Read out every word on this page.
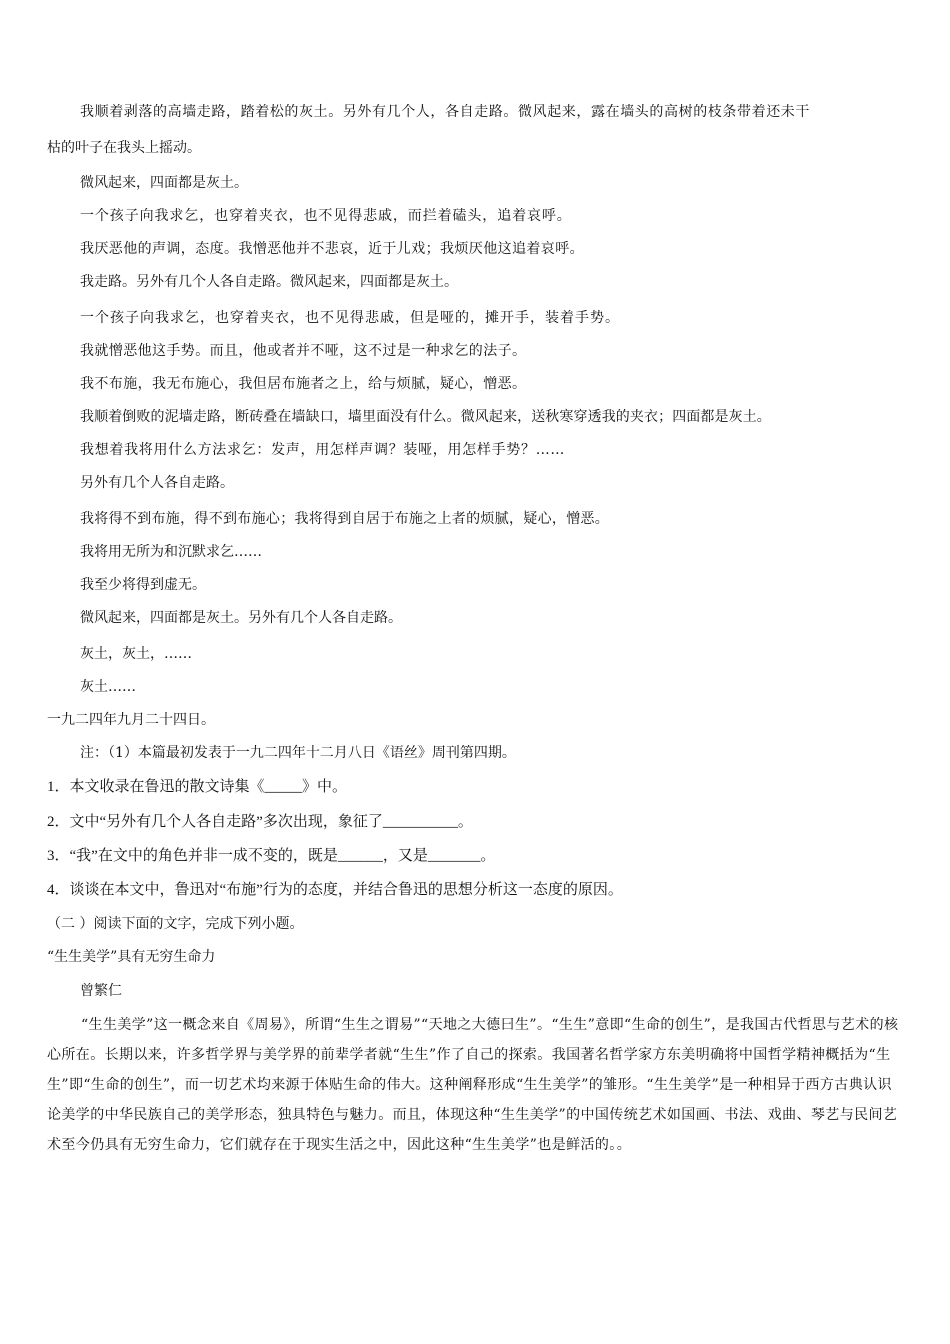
我顺着剥落的高墙走路，踏着松的灰土。另外有几个人，各自走路。微风起来，露在墙头的高树的枝条带着还未干
枯的叶子在我头上摇动。
微风起来，四面都是灰土。
一个孩子向我求乞，也穿着夹衣，也不见得悲戚，而拦着磕头，追着哀呼。
我厌恶他的声调，态度。我憎恶他并不悲哀，近于儿戏；我烦厌他这追着哀呼。
我走路。另外有几个人各自走路。微风起来，四面都是灰土。
一个孩子向我求乞，也穿着夹衣，也不见得悲戚，但是哑的，摊开手，装着手势。
我就憎恶他这手势。而且，他或者并不哑，这不过是一种求乞的法子。
我不布施，我无布施心，我但居布施者之上，给与烦腻，疑心，憎恶。
我顺着倒败的泥墙走路，断砖叠在墙缺口，墙里面没有什么。微风起来，送秋寒穿透我的夹衣；四面都是灰土。
我想着我将用什么方法求乞：发声，用怎样声调？装哑，用怎样手势？……
另外有几个人各自走路。
我将得不到布施，得不到布施心；我将得到自居于布施之上者的烦腻，疑心，憎恶。
我将用无所为和沉默求乞……
我至少将得到虚无。
微风起来，四面都是灰土。另外有几个人各自走路。
灰土，灰土，……
灰土……
一九二四年九月二十四日。
注：（1）本篇最初发表于一九二四年十二月八日《语丝》周刊第四期。
1．本文收录在鲁迅的散文诗集《_____》中。
2．文中“另外有几个人各自走路”多次出现，象征了__________。
3．“我”在文中的角色并非一成不变的，既是______，又是_______。
4．谈谈在本文中，鲁迅对“布施”行为的态度，并结合鲁迅的思想分析这一态度的原因。
（二 ）阅读下面的文字，完成下列小题。
“生生美学”具有无穷生命力
曾繁仁
“生生美学”这一概念来自《周易》，所谓“生生之谓易”“天地之大德曰生”。“生生”意即“生命的创生”，是我国古代哲思与艺术的核心所在。长期以来，许多哲学界与美学界的前辈学者就“生生”作了自己的探索。我国著名哲学家方东美明确将中国哲学精神概括为“生生”即“生命的创生”，而一切艺术均来源于体贴生命的伟大。这种阐释形成“生生美学”的雏形。“生生美学”是一种相异于西方古典认识论美学的中华民族自己的美学形态，独具特色与魅力。而且，体现这种“生生美学”的中国传统艺术如国画、书法、戏曲、琴艺与民间艺术至今仍具有无穷生命力，它们就存在于现实生活之中，因此这种“生生美学”也是鲜活的。。
